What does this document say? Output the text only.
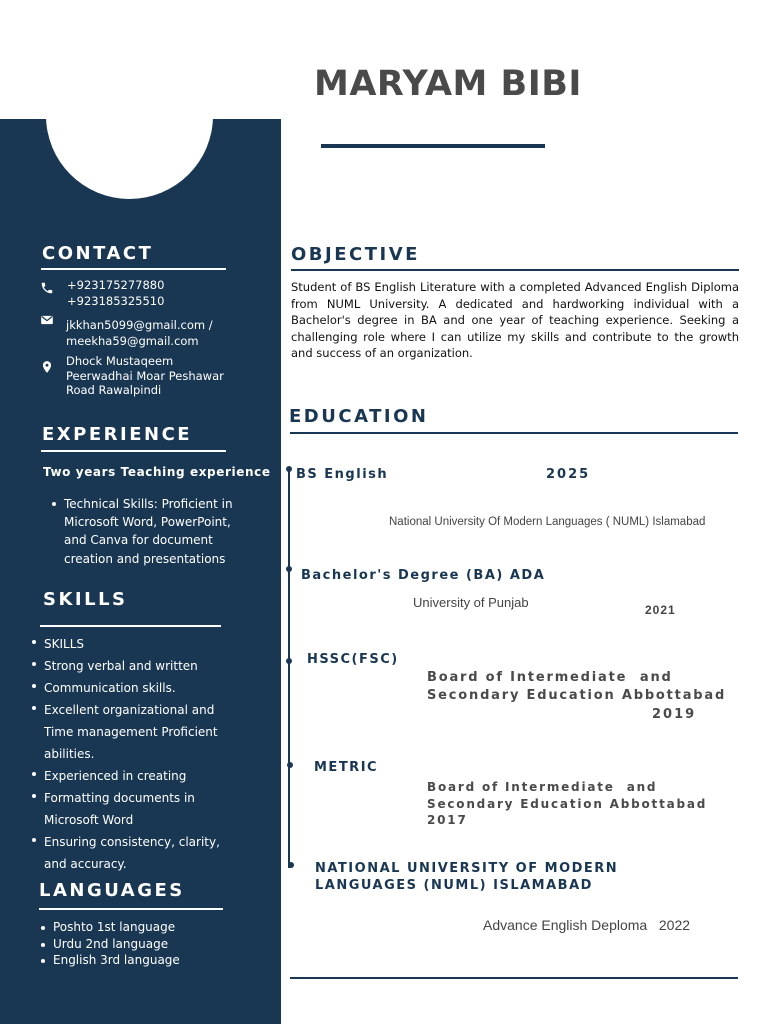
CONTACT
+923175277880
+923185325510
jkkhan5099@gmail.com /
meekha59@gmail.com
Dhock Mustaqeem
Peerwadhai Moar Peshawar
Road Rawalpindi
EXPERIENCE
Two years Teaching experience
Technical Skills: Proficient in
Microsoft Word, PowerPoint,
and Canva for document
creation and presentations
SKILLS
SKILLS
Strong verbal and written
Communication skills.
Excellent organizational and
Time management Proficient
abilities.
Experienced in creating
Formatting documents in
Microsoft Word
Ensuring consistency, clarity,
and accuracy.
LANGUAGES
Poshto 1st language
Urdu 2nd language
English 3rd language
MARYAM BIBI
OBJECTIVE
Student of BS English Literature with a completed Advanced English Diploma from NUML University. A dedicated and hardworking individual with a Bachelor's degree in BA and one year of teaching experience. Seeking a challenging role where I can utilize my skills and contribute to the growth and success of an organization.
EDUCATION
BS English	2025
National University Of Modern Languages ( NUML) Islamabad
Bachelor's Degree (BA) ADA
University of Punjab	2021
HSSC(FSC)
Board of Intermediate  and
Secondary Education Abbottabad
2019
METRIC
Board of Intermediate  and
Secondary Education Abbottabad
2017
NATIONAL UNIVERSITY OF MODERN
LANGUAGES (NUML) ISLAMABAD
Advance English Deploma   2022
